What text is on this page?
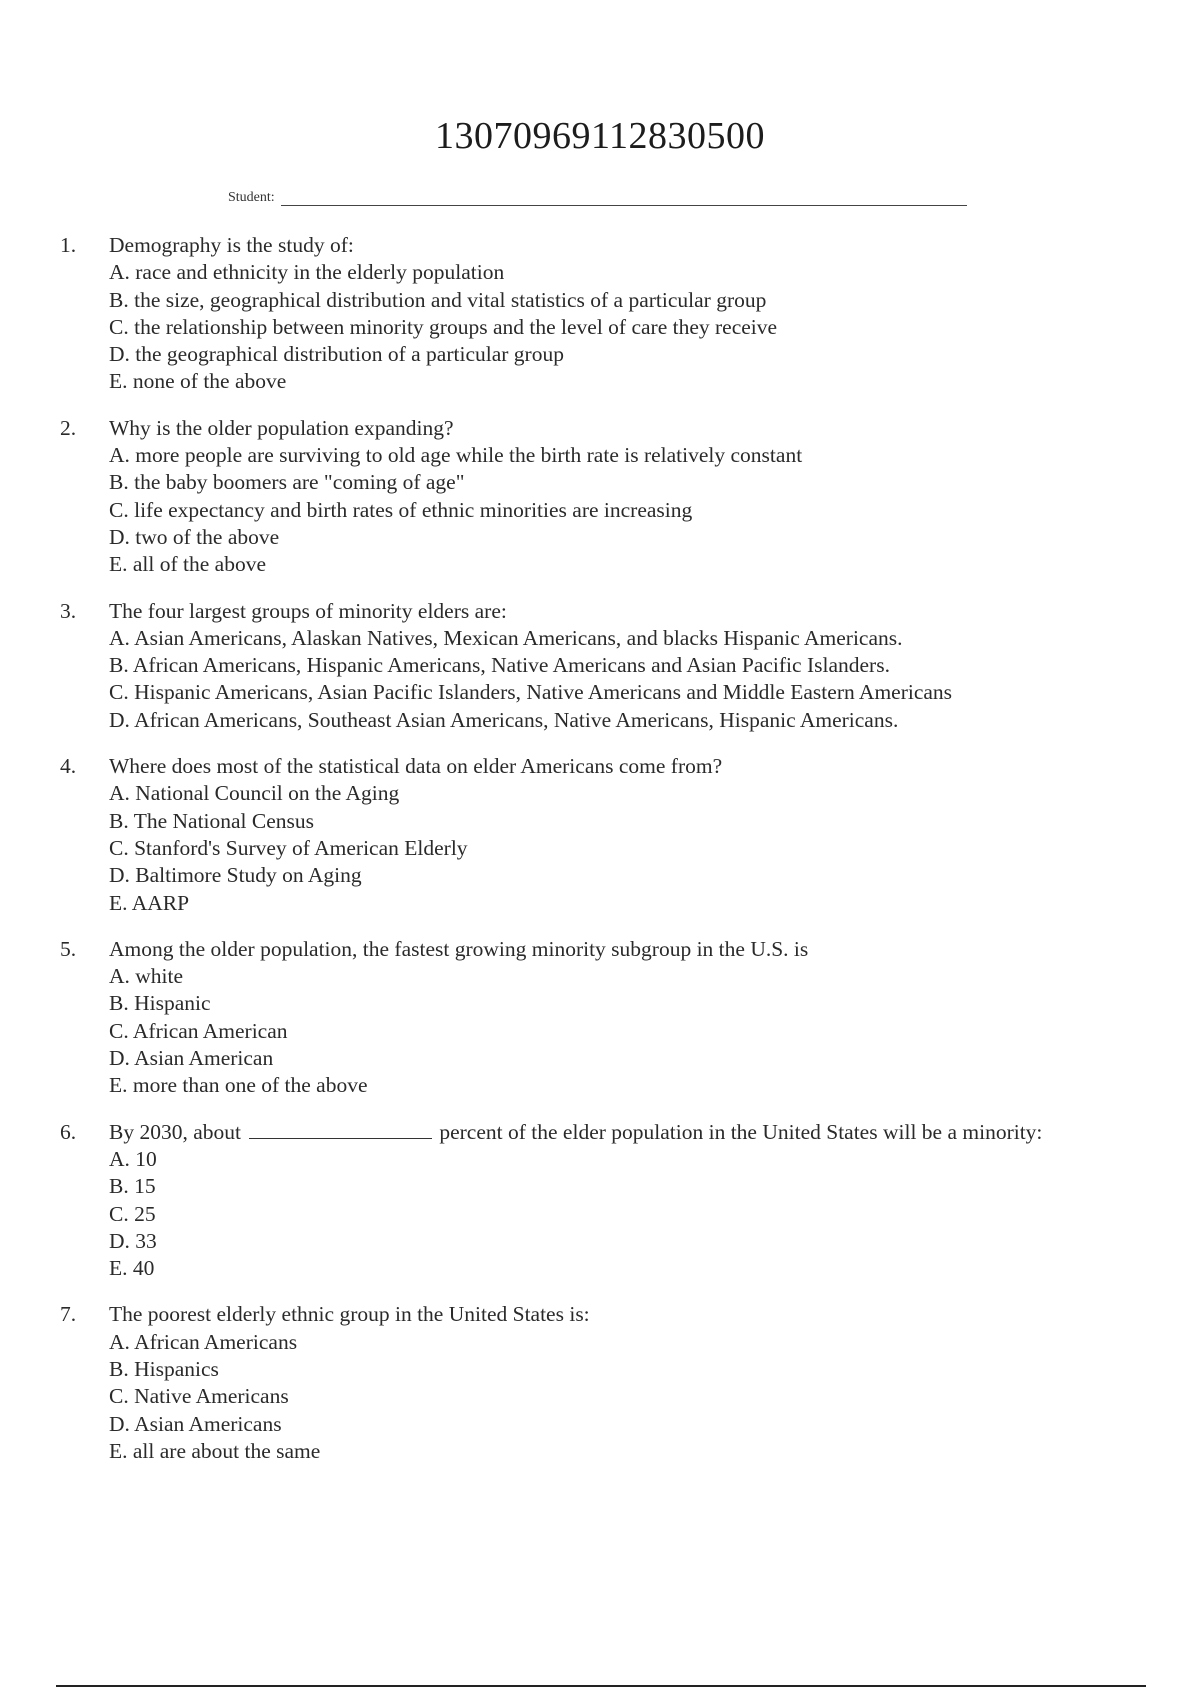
13070969112830500
Student:
1.	Demography is the study of:
A. race and ethnicity in the elderly population
B. the size, geographical distribution and vital statistics of a particular group
C. the relationship between minority groups and the level of care they receive
D. the geographical distribution of a particular group
E. none of the above
2.	Why is the older population expanding?
A. more people are surviving to old age while the birth rate is relatively constant
B. the baby boomers are "coming of age"
C. life expectancy and birth rates of ethnic minorities are increasing
D. two of the above
E. all of the above
3.	The four largest groups of minority elders are:
A. Asian Americans, Alaskan Natives, Mexican Americans, and blacks Hispanic Americans.
B. African Americans, Hispanic Americans, Native Americans and Asian Pacific Islanders.
C. Hispanic Americans, Asian Pacific Islanders, Native Americans and Middle Eastern Americans
D. African Americans, Southeast Asian Americans, Native Americans, Hispanic Americans.
4.	Where does most of the statistical data on elder Americans come from?
A. National Council on the Aging
B. The National Census
C. Stanford's Survey of American Elderly
D. Baltimore Study on Aging
E. AARP
5.	Among the older population, the fastest growing minority subgroup in the U.S. is
A. white
B. Hispanic
C. African American
D. Asian American
E. more than one of the above
6.	By 2030, about	percent of the elder population in the United States will be a minority:
A. 10
B. 15
C. 25
D. 33
E. 40
7.	The poorest elderly ethnic group in the United States is:
A. African Americans
B. Hispanics
C. Native Americans
D. Asian Americans
E. all are about the same
